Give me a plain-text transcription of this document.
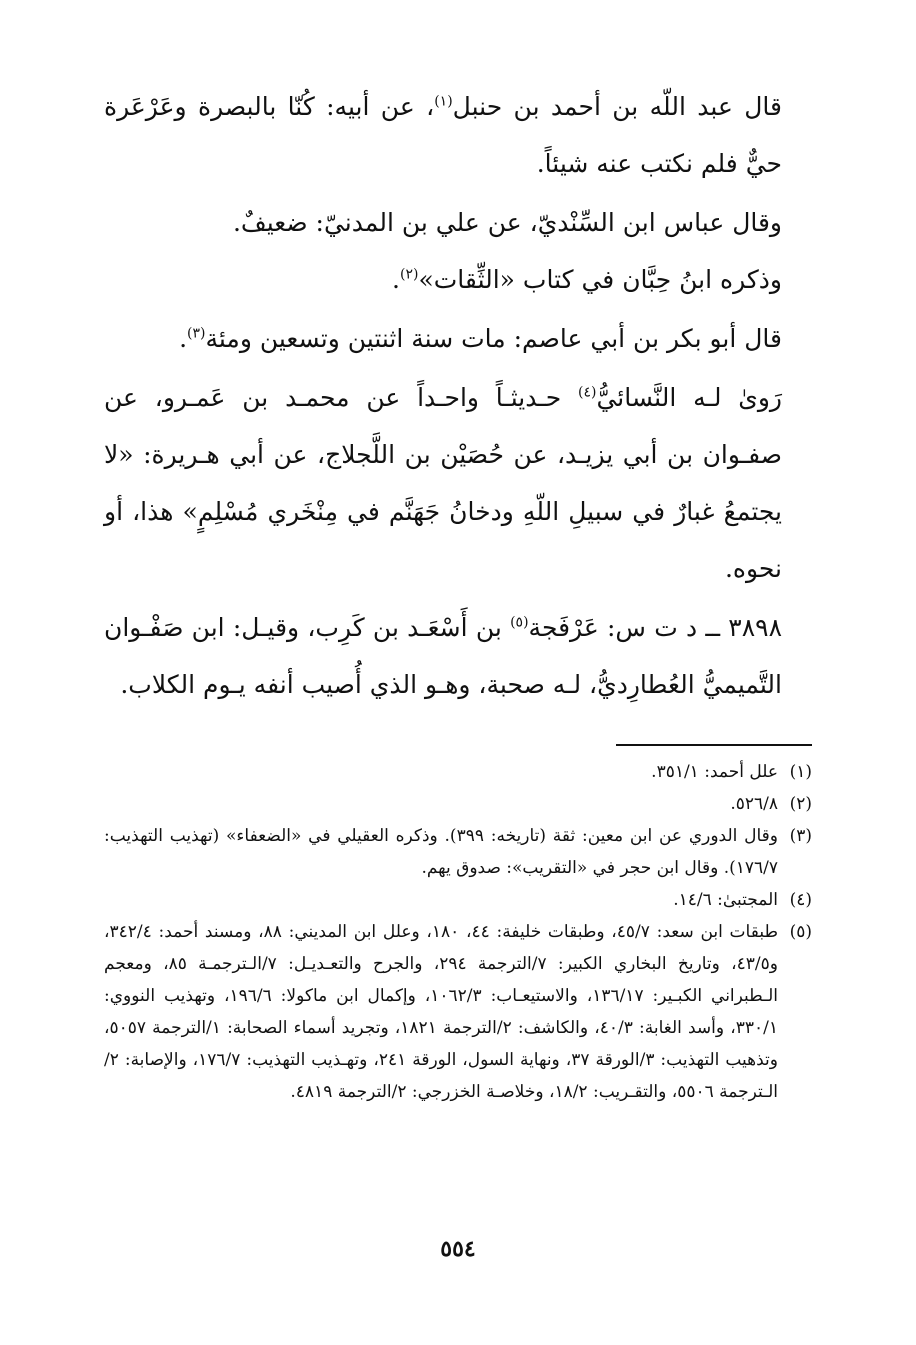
قال عبد اللّه بن أحمد بن حنبل$^{(١)}$، عن أبيه: كُنّا بالبصرة وعَرْعَرة حيٌّ فلم نكتب عنه شيئاً.

وقال عباس ابن السِّنْديّ، عن علي بن المدنيّ: ضعيفٌ.

وذكره ابنُ حِبَّان في كتاب «الثِّقات»$^{(٢)}$.

قال أبو بكر بن أبي عاصم: مات سنة اثنتين وتسعين ومئة$^{(٣)}$.

رَوىٰ لـه النَّسائيُّ$^{(٤)}$ حـديثـاً واحـداً عن محمـد بن عَمـرو، عن صفـوان بن أبي يزيـد، عن حُصَيْن بن اللَّجلاج، عن أبي هـريرة: «لا يجتمعُ غبارٌ في سبيلِ اللّهِ ودخانُ جَهَنَّم في مِنْخَري مُسْلِمٍ» هذا، أو نحوه.

٣٨٩٨ ــ د ت س: عَرْفَجة$^{(٥)}$ بن أَسْعَـد بن كَرِب، وقيـل: ابن صَفْـوان التَّميميُّ العُطارِديُّ، لـه صحبة، وهـو الذي أُصيب أنفه يـوم الكلاب.

(١)
علل أحمد: ٣٥١/١.
(٢)
٥٢٦/٨.
(٣)
وقال الدوري عن ابن معين: ثقة (تاريخه: ٣٩٩). وذكره العقيلي في «الضعفاء» (تهذيب التهذيب: ١٧٦/٧). وقال ابن حجر في «التقريب»: صدوق يهم.
(٤)
المجتبىٰ: ١٤/٦.
(٥)
طبقات ابن سعد: ٤٥/٧، وطبقات خليفة: ٤٤، ١٨٠، وعلل ابن المديني: ٨٨، ومسند أحمد: ٣٤٢/٤، و٤٣/٥، وتاريخ البخاري الكبير: ٧/الترجمة ٢٩٤، والجرح والتعـديـل: ٧/الـترجمـة ٨٥، ومعجم الـطبراني الكبـير: ١٣٦/١٧، والاستيعـاب: ١٠٦٢/٣، وإكمال ابن ماكولا: ١٩٦/٦، وتهذيب النووي: ٣٣٠/١، وأسد الغابة: ٤٠/٣، والكاشف: ٢/الترجمة ١٨٢١، وتجريد أسماء الصحابة: ١/الترجمة ٥٠٥٧، وتذهيب التهذيب: ٣/الورقة ٣٧، ونهاية السول، الورقة ٢٤١، وتهـذيب التهذيب: ١٧٦/٧، والإصابة: ٢/الـترجمة ٥٥٠٦، والتقـريب: ١٨/٢، وخلاصـة الخزرجي: ٢/الترجمة ٤٨١٩.
٥٥٤
